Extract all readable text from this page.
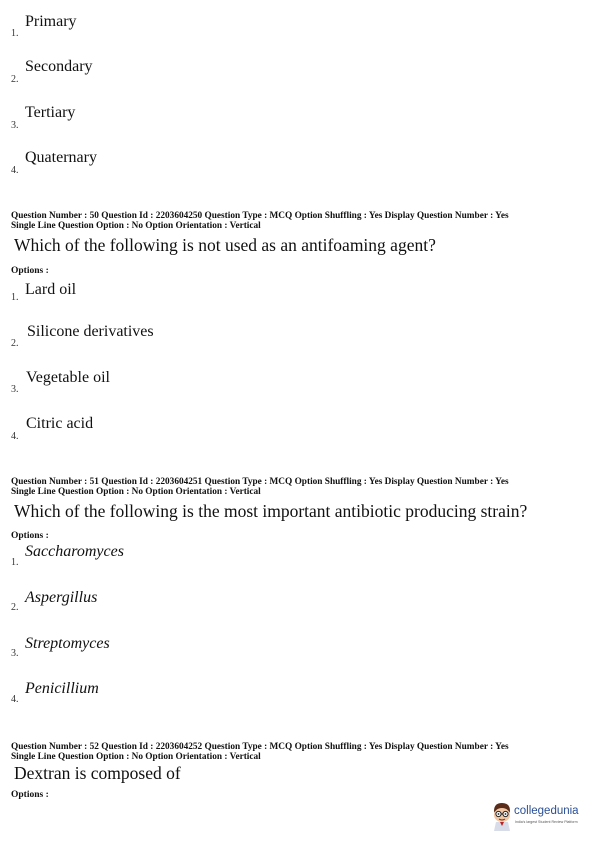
1.
Primary
2.
Secondary
3.
Tertiary
4.
Quaternary
Question Number : 50 Question Id : 2203604250 Question Type : MCQ Option Shuffling : Yes Display Question Number : Yes
Single Line Question Option : No Option Orientation : Vertical
Which of the following is not used as an antifoaming agent?
Options :
1. Lard oil
2.
Silicone derivatives
3.
Vegetable oil
4.
Citric acid
Question Number : 51 Question Id : 2203604251 Question Type : MCQ Option Shuffling : Yes Display Question Number : Yes
Single Line Question Option : No Option Orientation : Vertical
Which of the following is the most important antibiotic producing strain?
Options :
1.
Saccharomyces
2.
Aspergillus
3.
Streptomyces
4.
Penicillium
Question Number : 52 Question Id : 2203604252 Question Type : MCQ Option Shuffling : Yes Display Question Number : Yes
Single Line Question Option : No Option Orientation : Vertical
Dextran is composed of
Options :
collegedunia
India's largest Student Review Platform
